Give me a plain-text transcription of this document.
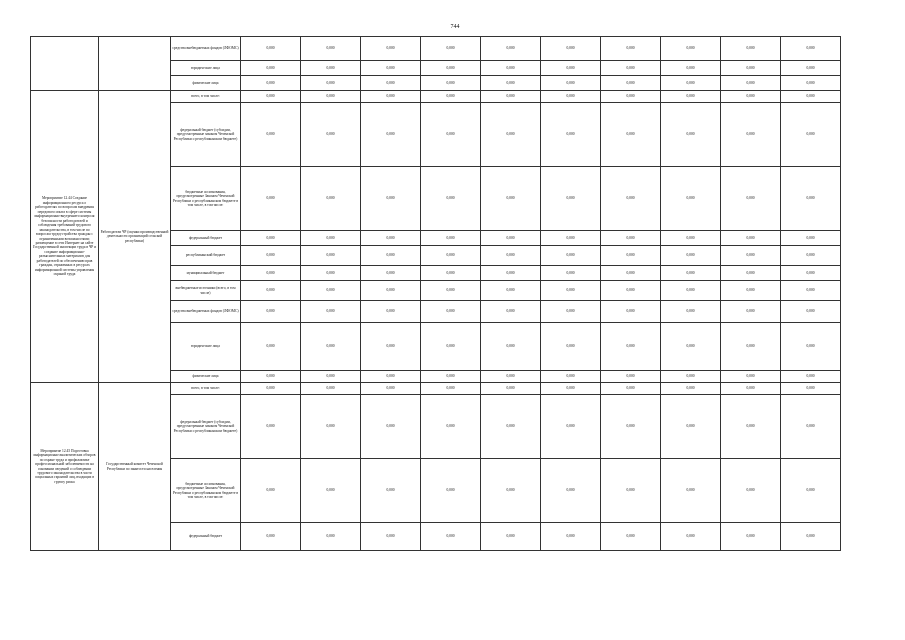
744
		средства внебюджетных фондов (ЛФОМС)	0,000	0,000	0,000	0,000	0,000	0,000	0,000	0,000	0,000	0,000
		юридические лица	0,000	0,000	0,000	0,000	0,000	0,000	0,000	0,000	0,000	0,000
		физические лица	0,000	0,000	0,000	0,000	0,000	0,000	0,000	0,000	0,000	0,000
Мероприятие 12.44 Создание информационного ресурса о работодателях по вопросам внедрения передового опыта в сфере системы информационно-внутреннего контроля безопасности работодателей и соблюдения требований трудового законодательства, в том числе по вопросам трудоустройства граждан с ограниченными возможностями; размещение в сети Интернет на сайте Государственной инспекции труда в ЧР и создание информационно-разъяснительных материалов для работодателей по обеспечению прав граждан, отраженных в ресурсах информационной системы управления охраной труда	Работодатели ЧР (оценки производственной деятельности организаций сельской республики)	всего, в том числе:	0,000	0,000	0,000	0,000	0,000	0,000	0,000	0,000	0,000	0,000
		федеральный бюджет (субсидии, предусмотренные законом Чеченской Республики о республиканском бюджете)	0,000	0,000	0,000	0,000	0,000	0,000	0,000	0,000	0,000	0,000
		бюджетные ассигнования, предусмотренные Законом Чеченской Республики о республиканском бюджете в том числе, в том числе:	0,000	0,000	0,000	0,000	0,000	0,000	0,000	0,000	0,000	0,000
		федеральный бюджет	0,000	0,000	0,000	0,000	0,000	0,000	0,000	0,000	0,000	0,000
		республиканский бюджет	0,000	0,000	0,000	0,000	0,000	0,000	0,000	0,000	0,000	0,000
		муниципальный бюджет	0,000	0,000	0,000	0,000	0,000	0,000	0,000	0,000	0,000	0,000
		внебюджетные источники (всего, в том числе)	0,000	0,000	0,000	0,000	0,000	0,000	0,000	0,000	0,000	0,000
		средства внебюджетных фондов (ЛФОМС)	0,000	0,000	0,000	0,000	0,000	0,000	0,000	0,000	0,000	0,000
		юридические лица	0,000	0,000	0,000	0,000	0,000	0,000	0,000	0,000	0,000	0,000
		физические лица	0,000	0,000	0,000	0,000	0,000	0,000	0,000	0,000	0,000	0,000
Мероприятие 12.45 Подготовка информационно-аналитических обзоров по охране труда и профилактике профессиональной заболеваемости на основании сведений о соблюдении трудового законодательства в части социальных гарантий лиц, входящих в группу риска	Государственный комитет Чеченской Республики по занятости населения	всего, в том числе:	0,000	0,000	0,000	0,000	0,000	0,000	0,000	0,000	0,000	0,000
		федеральный бюджет (субсидии, предусмотренные законом Чеченской Республики о республиканском бюджете)	0,000	0,000	0,000	0,000	0,000	0,000	0,000	0,000	0,000	0,000
		бюджетные ассигнования, предусмотренные Законом Чеченской Республики о республиканском бюджете в том числе, в том числе:	0,000	0,000	0,000	0,000	0,000	0,000	0,000	0,000	0,000	0,000
		федеральный бюджет	0,000	0,000	0,000	0,000	0,000	0,000	0,000	0,000	0,000	0,000
